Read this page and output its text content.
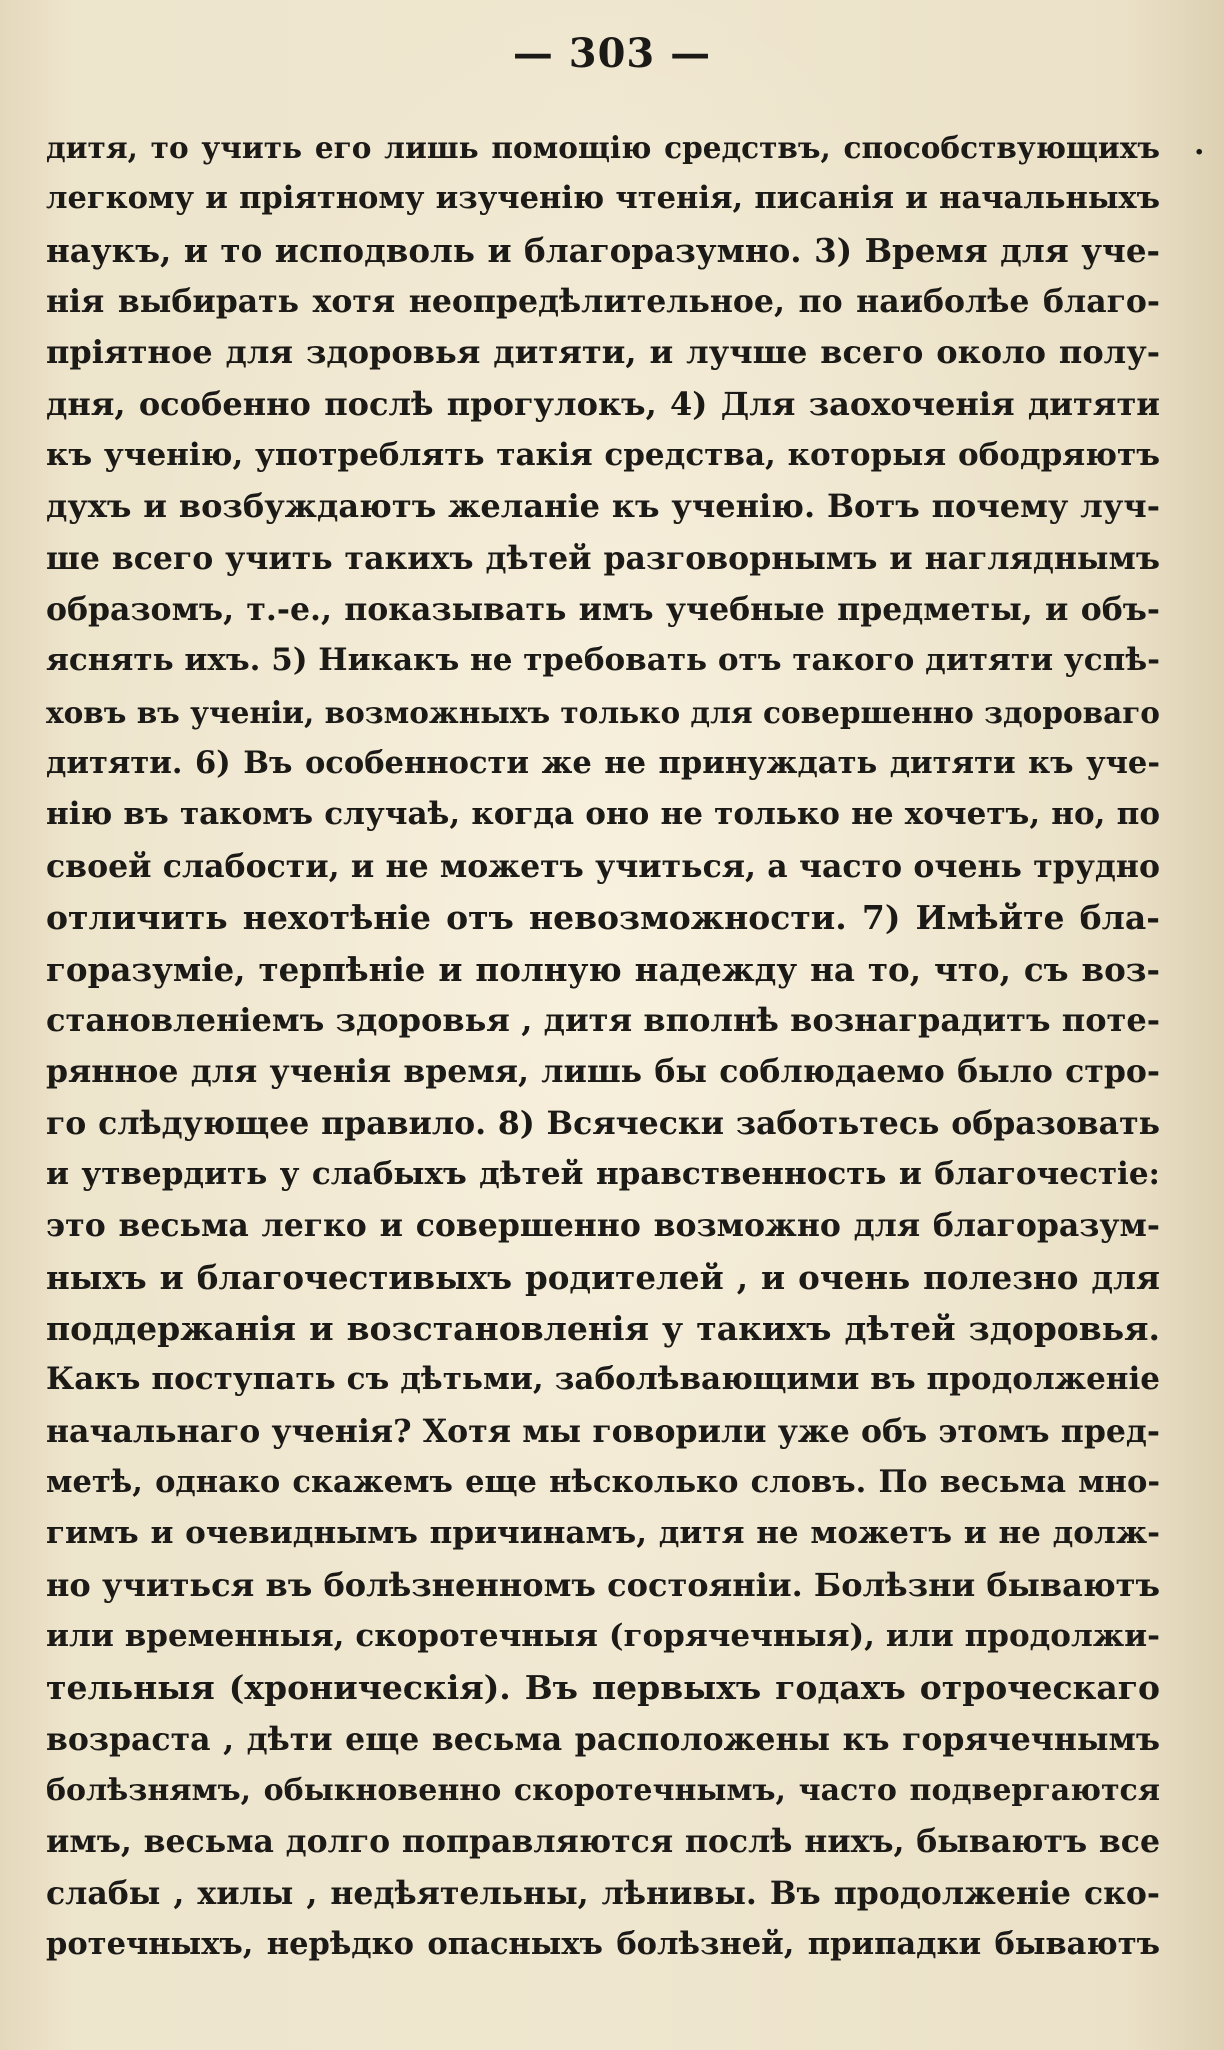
— 303 —

.
дитя, то учить его лишь помощію средствъ, способствующихъ
легкому и пріятному изученію чтенія, писанія и начальныхъ
наукъ, и то исподволь и благоразумно. 3) Время для уче-
нія выбирать хотя неопредѣлительное, по наиболѣе благо-
пріятное для здоровья дитяти, и лучше всего около полу-
дня, особенно послѣ прогулокъ, 4) Для заохоченія дитяти
къ ученію, употреблять такія средства, которыя ободряютъ
духъ и возбуждаютъ желаніе къ ученію. Вотъ почему луч-
ше всего учить такихъ дѣтей разговорнымъ и нагляднымъ
образомъ, т.-е., показывать имъ учебные предметы, и объ-
яснять ихъ. 5) Никакъ не требовать отъ такого дитяти успѣ-
ховъ въ ученіи, возможныхъ только для совершенно здороваго
дитяти. 6) Въ особенности же не принуждать дитяти къ уче-
нію въ такомъ случаѣ, когда оно не только не хочетъ, но, по
своей слабости, и не можетъ учиться, а часто очень трудно
отличить нехотѣніе отъ невозможности. 7) Имѣйте бла-
горазуміе, терпѣніе и полную надежду на то, что, съ воз-
становленіемъ здоровья , дитя вполнѣ вознаградитъ поте-
рянное для ученія время, лишь бы соблюдаемо было стро-
го слѣдующее правило. 8) Всячески заботьтесь образовать
и утвердить у слабыхъ дѣтей нравственность и благочестіе:
это весьма легко и совершенно возможно для благоразум-
ныхъ и благочестивыхъ родителей , и очень полезно для
поддержанія и возстановленія у такихъ дѣтей здоровья.
Какъ поступать съ дѣтьми, заболѣвающими въ продолженіе
начальнаго ученія? Хотя мы говорили уже объ этомъ пред-
метѣ, однако скажемъ еще нѣсколько словъ. По весьма мно-
гимъ и очевиднымъ причинамъ, дитя не можетъ и не долж-
но учиться въ болѣзненномъ состояніи. Болѣзни бываютъ
или временныя, скоротечныя (горячечныя), или продолжи-
тельныя (хроническія). Въ первыхъ годахъ отроческаго
возраста , дѣти еще весьма расположены къ горячечнымъ
болѣзнямъ, обыкновенно скоротечнымъ, часто подвергаются
имъ, весьма долго поправляются послѣ нихъ, бываютъ все
слабы , хилы , недѣятельны, лѣнивы. Въ продолженіе ско-
ротечныхъ, нерѣдко опасныхъ болѣзней, припадки бываютъ
